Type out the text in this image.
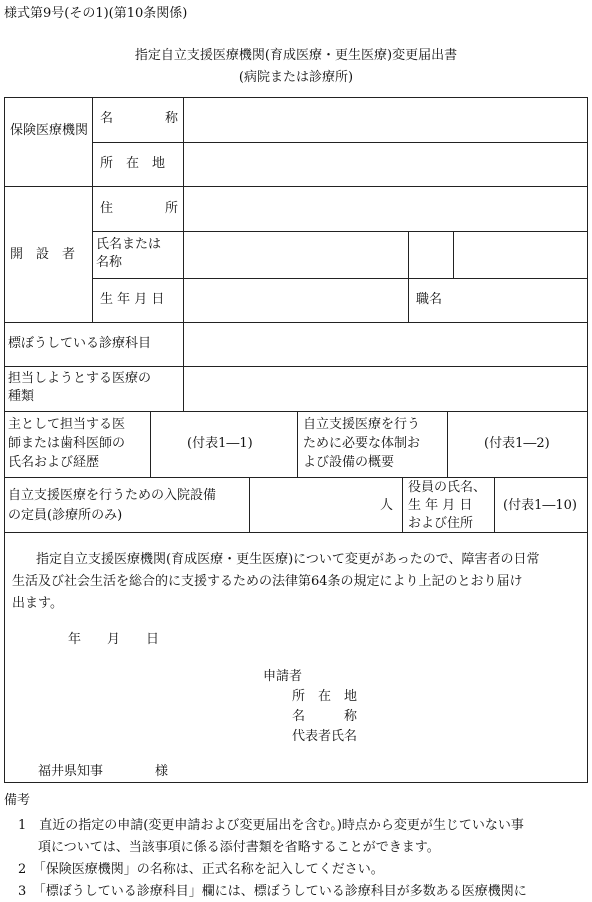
様式第9号(その1)(第10条関係)
指定自立支援医療機関(育成医療・更生医療)変更届出書
(病院または診療所)
保険医療機関
名　　　　称
所　在　地
開　設　者
住　　　　所
氏名または
名称
生 年 月 日	職名
標ぼうしている診療科目
担当しようとする医療の
種類
主として担当する医
師または歯科医師の
氏名および経歴
(付表1―1)
自立支援医療を行う
ために必要な体制お
よび設備の概要
(付表1―2)
自立支援医療を行うための入院設備
の定員(診療所のみ)
人
役員の氏名、
生 年 月 日
および住所
(付表1―10)
指定自立支援医療機関(育成医療・更生医療)について変更があったので、障害者の日常
生活及び社会生活を総合的に支援するための法律第64条の規定により上記のとおり届け
出ます。
年　　月　　日
申請者
所　在　地
名　　　称
代表者氏名
福井県知事　　　　様
備考
1　直近の指定の申請(変更申請および変更届出を含む。)時点から変更が生じていない事
項については、当該事項に係る添付書類を省略することができます。
2　「保険医療機関」の名称は、正式名称を記入してください。
3　「標ぼうしている診療科目」欄には、標ぼうしている診療科目が多数ある医療機関に
